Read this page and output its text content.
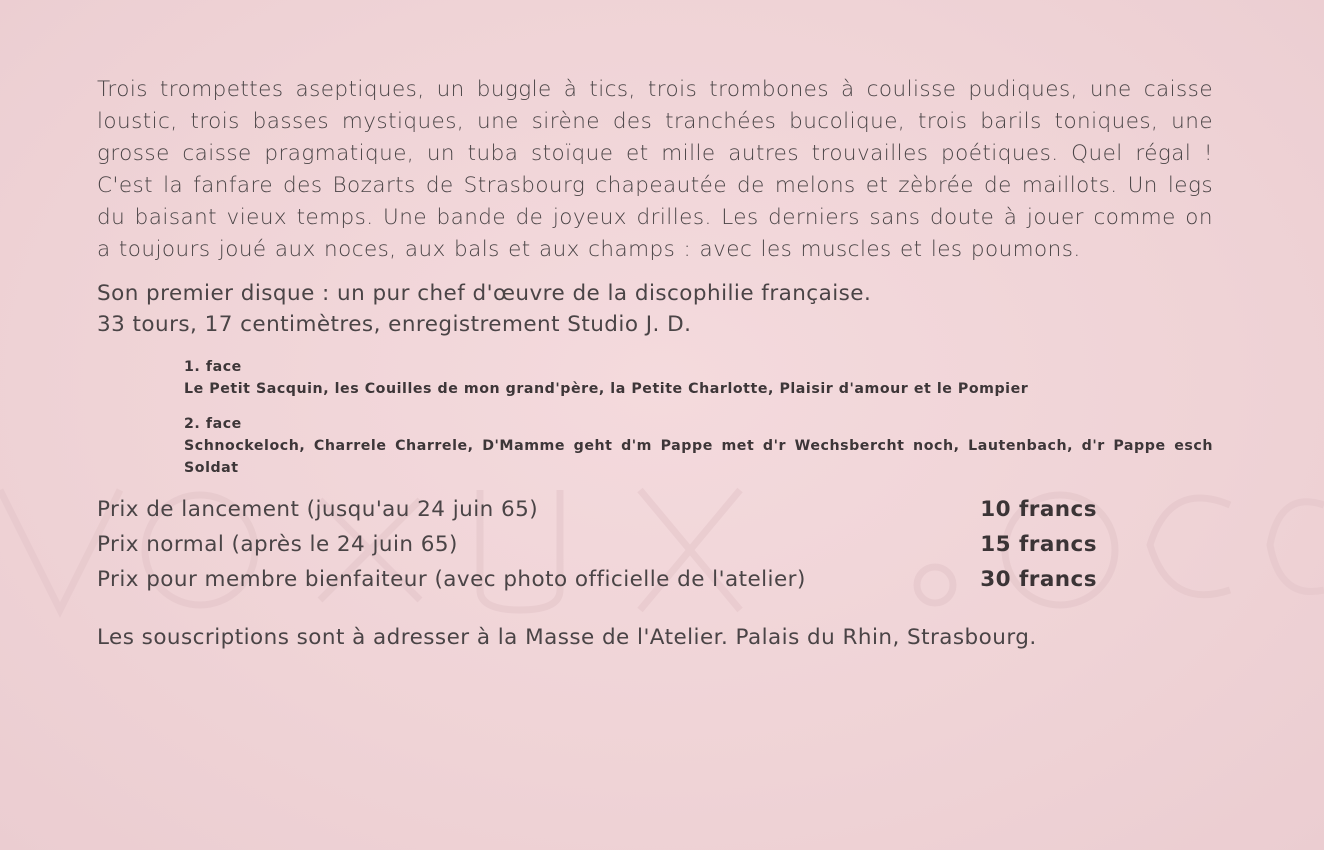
Trois trompettes aseptiques, un buggle à tics, trois trombones à coulisse pudiques, une caisse loustic, trois basses mystiques, une sirène des tranchées bucolique, trois barils toniques, une grosse caisse pragmatique, un tuba stoïque et mille autres trouvailles poétiques. Quel régal ! C'est la fanfare des Bozarts de Strasbourg chapeautée de melons et zèbrée de maillots. Un legs du baisant vieux temps. Une bande de joyeux drilles. Les derniers sans doute à jouer comme on a toujours joué aux noces, aux bals et aux champs : avec les muscles et les poumons.

Son premier disque : un pur chef d'œuvre de la discophilie française.
33 tours, 17 centimètres, enregistrement Studio J. D.
1. face
Le Petit Sacquin, les Couilles de mon grand'père, la Petite Charlotte, Plaisir d'amour et le Pompier
2. face
Schnockeloch, Charrele Charrele, D'Mamme geht d'm Pappe met d'r Wechsbercht noch, Lautenbach, d'r Pappe esch Soldat
Prix de lancement (jusqu'au 24 juin 65)	10 francs
Prix normal (après le 24 juin 65)	15 francs
Prix pour membre bienfaiteur (avec photo officielle de l'atelier)	30 francs
Les souscriptions sont à adresser à la Masse de l'Atelier. Palais du Rhin, Strasbourg.
